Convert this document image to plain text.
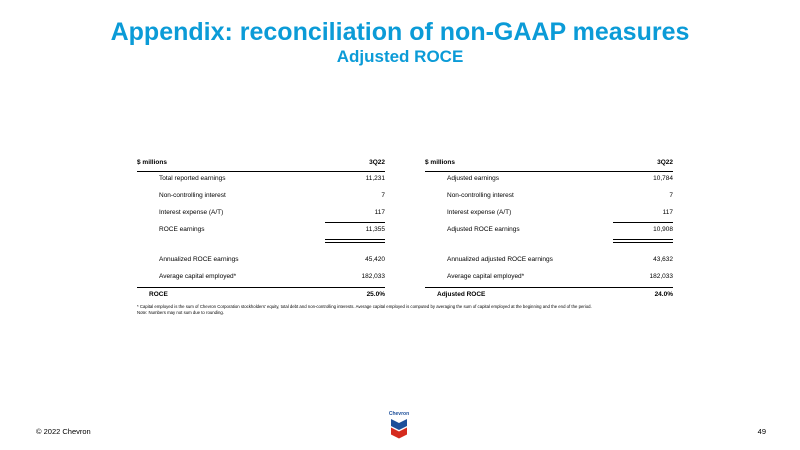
Appendix: reconciliation of non-GAAP measures
Adjusted ROCE
$ millions	3Q22
Total reported earnings	11,231
Non-controlling interest	7
Interest expense (A/T)	117
ROCE earnings	11,355
Annualized ROCE earnings	45,420
Average capital employed*	182,033
ROCE	25.0%
$ millions	3Q22
Adjusted earnings	10,784
Non-controlling interest	7
Interest expense (A/T)	117
Adjusted ROCE earnings	10,908
Annualized adjusted ROCE earnings	43,632
Average capital employed*	182,033
Adjusted ROCE	24.0%
* Capital employed is the sum of Chevron Corporation stockholders' equity, total debt and non-controlling interests. Average capital employed is computed by averaging the sum of capital employed at the beginning and the end of the period.
Note: Numbers may not sum due to rounding.
© 2022 Chevron	49
Chevron
